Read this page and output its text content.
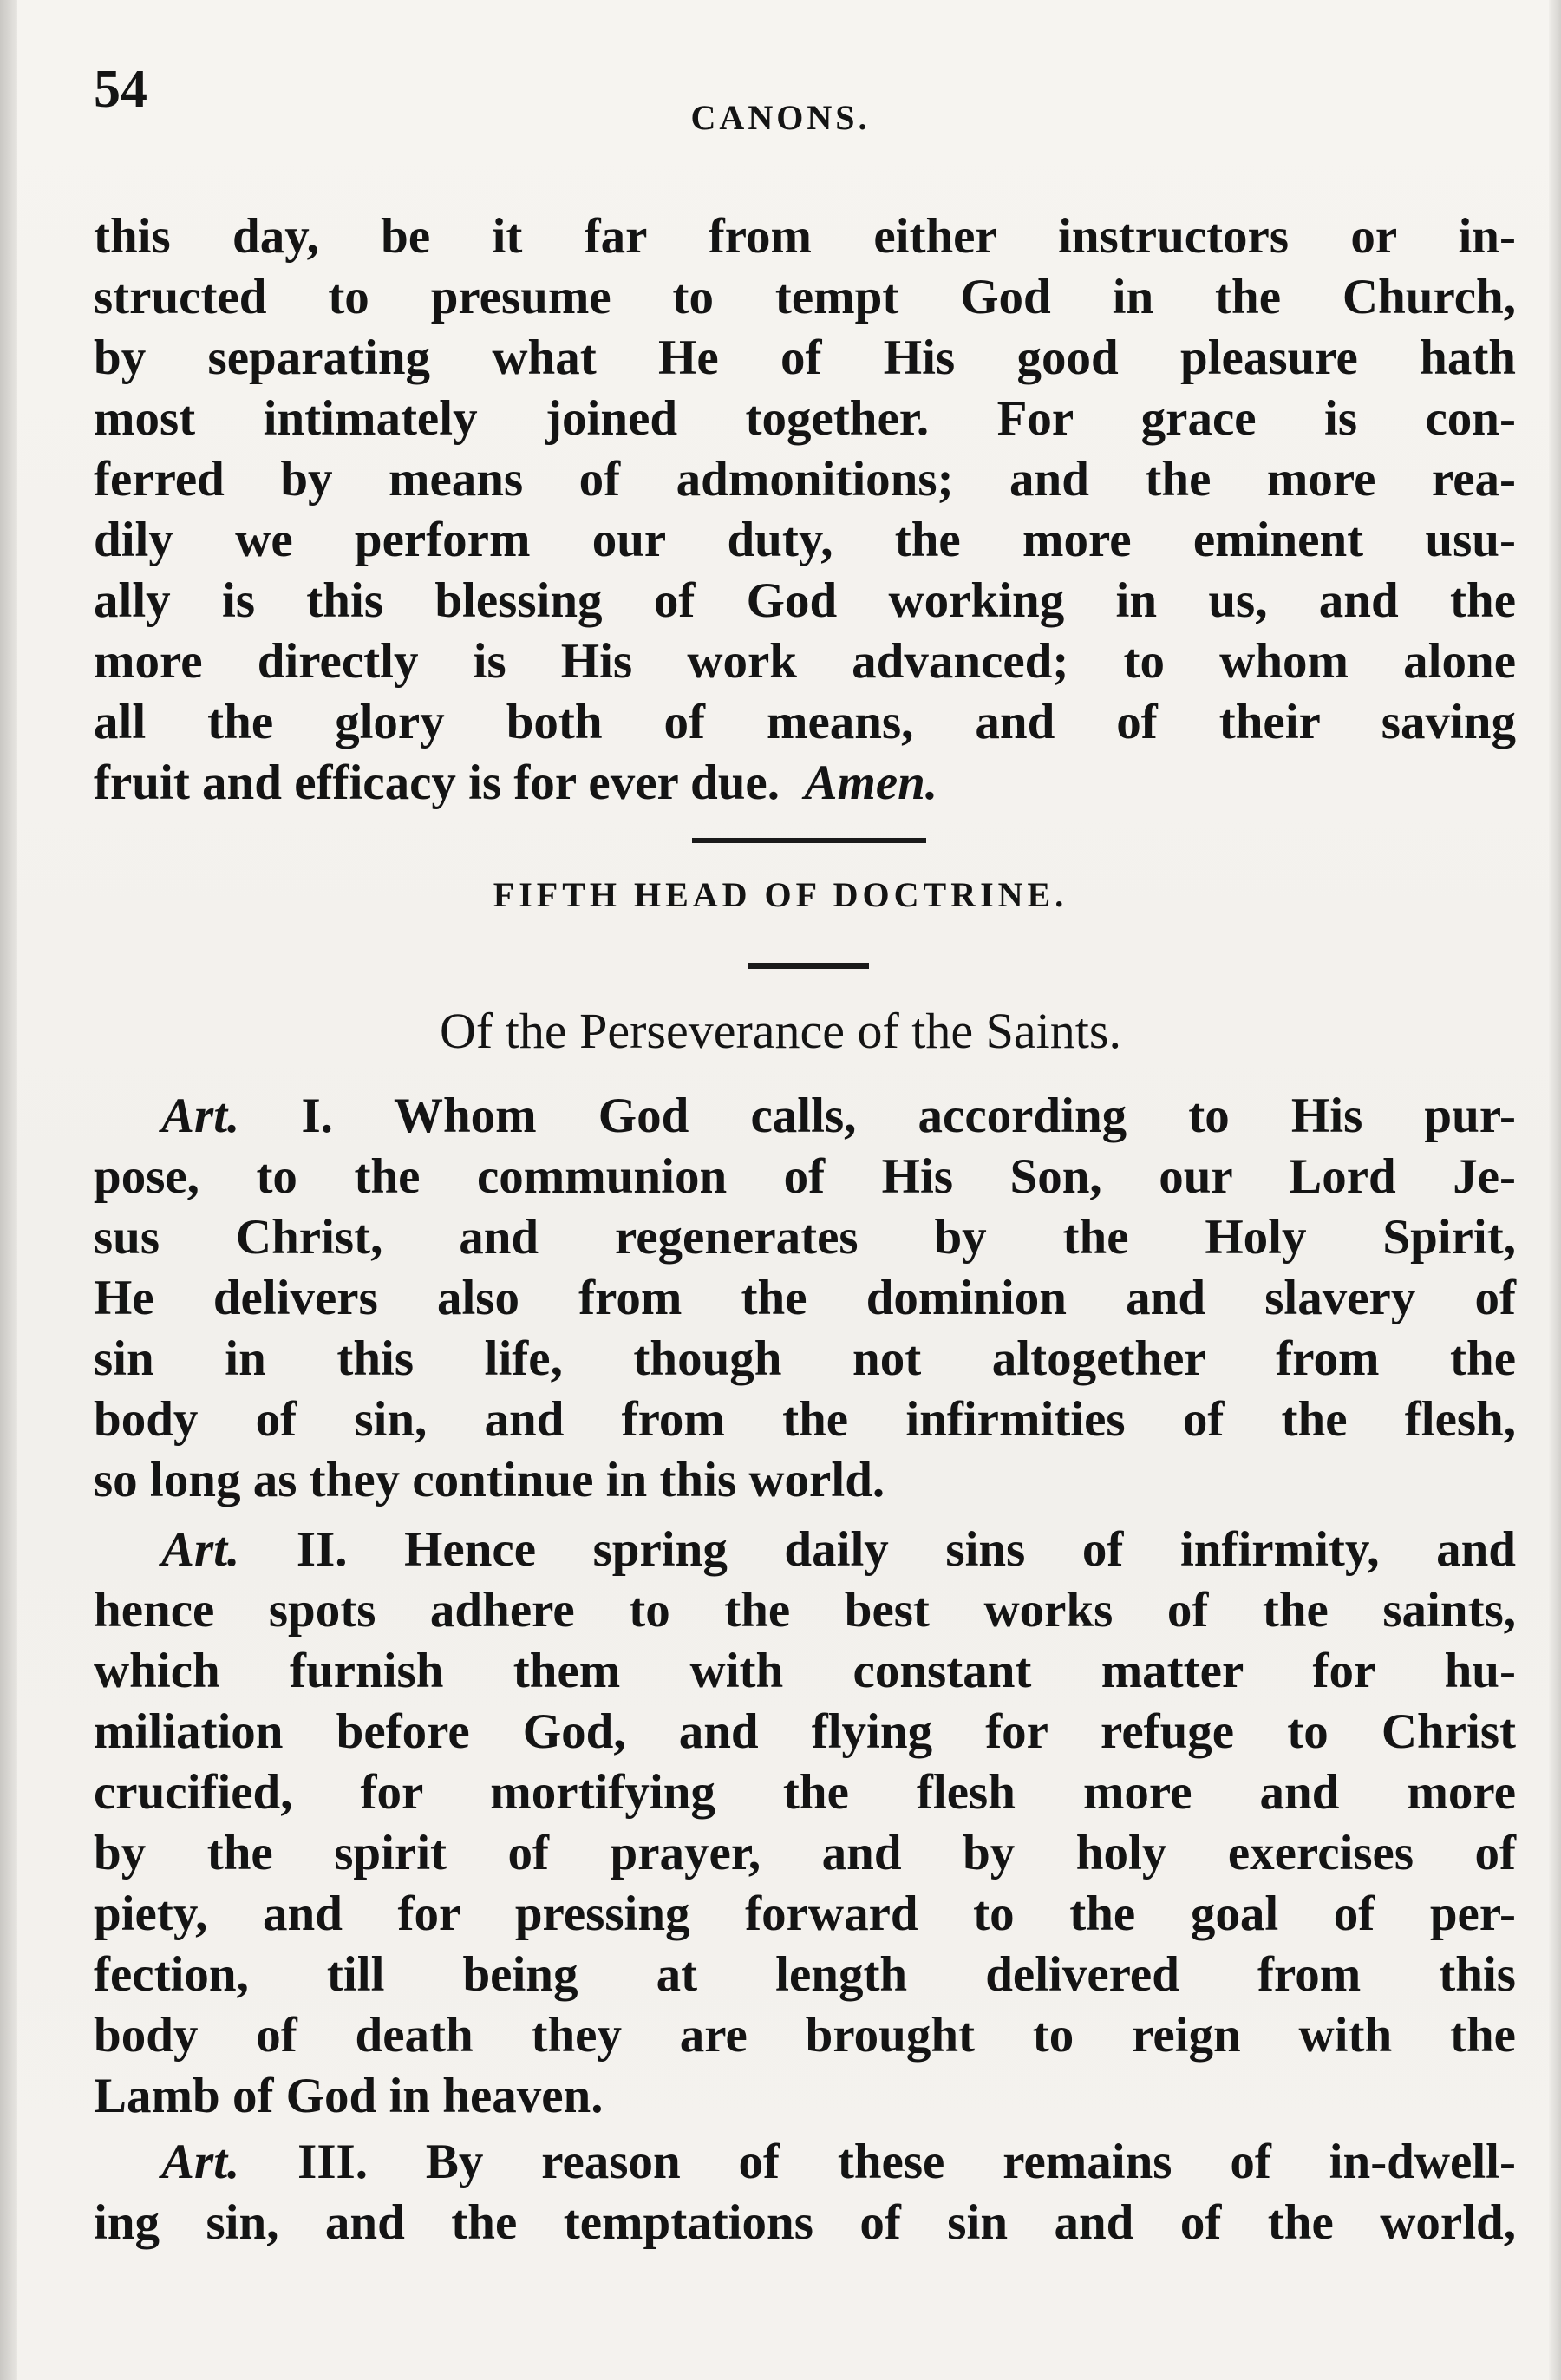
54	CANONS.
this day, be it far from either instructors or in-
structed to presume to tempt God in the Church,
by separating what He of His good pleasure hath
most intimately joined together. For grace is con-
ferred by means of admonitions; and the more rea-
dily we perform our duty, the more eminent usu-
ally is this blessing of God working in us, and the
more directly is His work advanced; to whom alone
all the glory both of means, and of their saving
fruit and efficacy is for ever due. Amen.
FIFTH HEAD OF DOCTRINE.
Of the Perseverance of the Saints.
Art. I. Whom God calls, according to His pur-
pose, to the communion of His Son, our Lord Je-
sus Christ, and regenerates by the Holy Spirit,
He delivers also from the dominion and slavery of
sin in this life, though not altogether from the
body of sin, and from the infirmities of the flesh,
so long as they continue in this world.
Art. II. Hence spring daily sins of infirmity, and
hence spots adhere to the best works of the saints,
which furnish them with constant matter for hu-
miliation before God, and flying for refuge to Christ
crucified, for mortifying the flesh more and more
by the spirit of prayer, and by holy exercises of
piety, and for pressing forward to the goal of per-
fection, till being at length delivered from this
body of death they are brought to reign with the
Lamb of God in heaven.
Art. III. By reason of these remains of in-dwell-
ing sin, and the temptations of sin and of the world,
